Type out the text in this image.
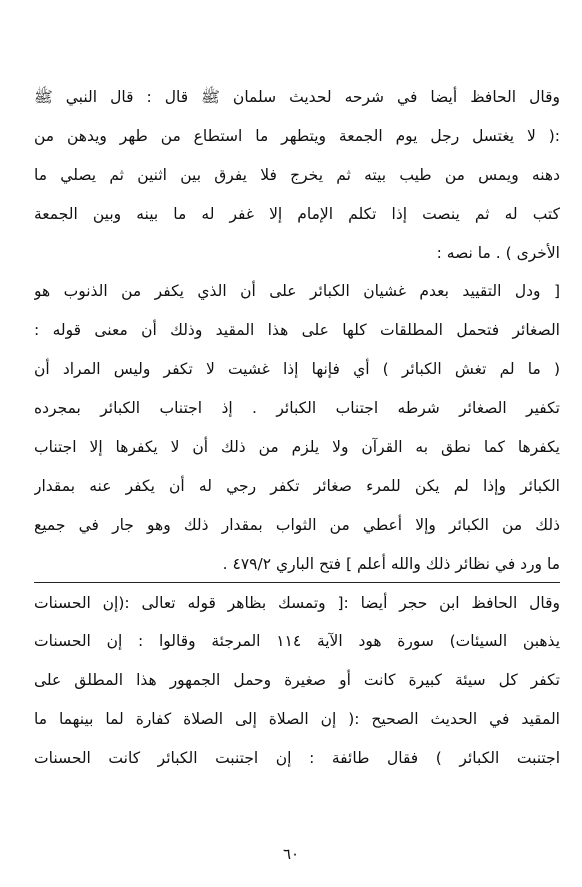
وقال الحافظ أيضا في شرحه لحديث سلمان ﷺ قال : قال النبي ﷺ
:( لا يغتسل رجل يوم الجمعة ويتطهر ما استطاع من طهر ويدهن من
دهنه ويمس من طيب بيته ثم يخرج فلا يفرق بين اثنين ثم يصلي ما
كتب له ثم ينصت إذا تكلم الإمام إلا غفر له ما بينه وبين الجمعة
الأخرى ) . ما نصه :
[ ودل التقييد بعدم غشيان الكبائر على أن الذي يكفر من الذنوب هو
الصغائر فتحمل المطلقات كلها على هذا المقيد وذلك أن معنى قوله :
( ما لم تغش الكبائر ) أي فإنها إذا غشيت لا تكفر وليس المراد أن
تكفير الصغائر شرطه اجتناب الكبائر . إذ اجتناب الكبائر بمجرده
يكفرها كما نطق به القرآن ولا يلزم من ذلك أن لا يكفرها إلا اجتناب
الكبائر وإذا لم يكن للمرء صغائر تكفر رجي له أن يكفر عنه بمقدار
ذلك من الكبائر وإلا أعطي من الثواب بمقدار ذلك وهو جار في جميع
ما ورد في نظائر ذلك والله أعلم ] فتح الباري ٤٧٩/٢ .
وقال الحافظ ابن حجر أيضا :[ وتمسك بظاهر قوله تعالى :(إن الحسنات
يذهبن السيئات) سورة هود الآية ١١٤ المرجئة وقالوا : إن الحسنات
تكفر كل سيئة كبيرة كانت أو صغيرة وحمل الجمهور هذا المطلق على
المقيد في الحديث الصحيح :( إن الصلاة إلى الصلاة كفارة لما بينهما ما
اجتنبت الكبائر ) فقال طائفة : إن اجتنبت الكبائر كانت الحسنات
٦٠
